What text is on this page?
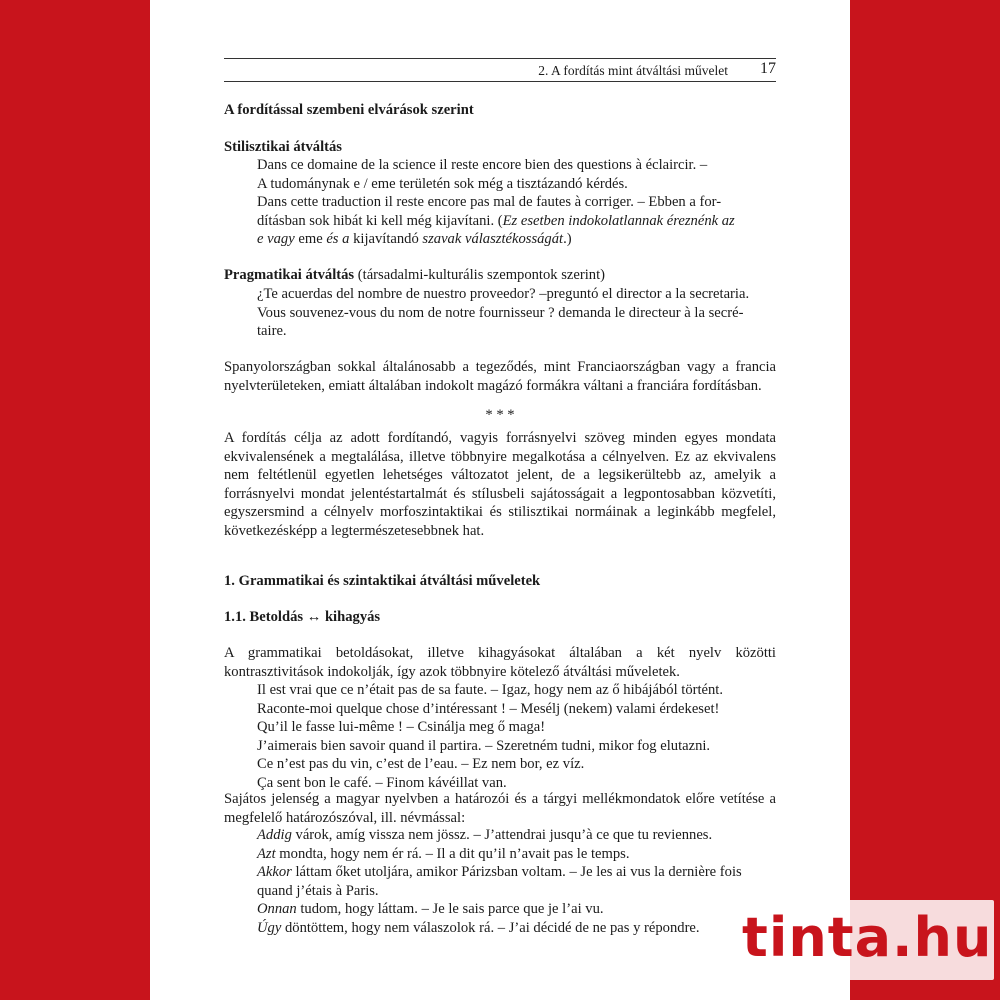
2. A fordítás mint átváltási művelet 17

A fordítással szembeni elvárások szerint

Stilisztikai átváltás

Dans ce domaine de la science il reste encore bien des questions à éclaircir. –

A tudománynak e / eme területén sok még a tisztázandó kérdés.

Dans cette traduction il reste encore pas mal de fautes à corriger. – Ebben a for-

dításban sok hibát ki kell még kijavítani. (Ez esetben indokolatlannak éreznénk az

e vagy eme és a kijavítandó szavak választékosságát.)

Pragmatikai átváltás (társadalmi-kulturális szempontok szerint)

¿Te acuerdas del nombre de nuestro proveedor? –preguntó el director a la secretaria.

Vous souvenez-vous du nom de notre fournisseur ? demanda le directeur à la secré-

taire.

Spanyolországban sokkal általánosabb a tegeződés, mint Franciaországban vagy a francia nyelvterületeken, emiatt általában indokolt magázó formákra váltani a franciára fordításban.

* * *

A fordítás célja az adott fordítandó, vagyis forrásnyelvi szöveg minden egyes mondata ekvivalensének a megtalálása, illetve többnyire megalkotása a célnyelven. Ez az ekvivalens nem feltétlenül egyetlen lehetséges változatot jelent, de a legsikerültebb az, amelyik a forrásnyelvi mondat jelentéstartalmát és stílusbeli sajátosságait a legpontosabban közvetíti, egyszersmind a célnyelv morfoszintaktikai és stilisztikai normáinak a leginkább megfelel, következésképp a legtermészetesebbnek hat.

1. Grammatikai és szintaktikai átváltási műveletek

1.1. Betoldás ↔ kihagyás

A grammatikai betoldásokat, illetve kihagyásokat általában a két nyelv közötti kontrasztivitások indokolják, így azok többnyire kötelező átváltási műveletek.

Il est vrai que ce n’était pas de sa faute. – Igaz, hogy nem az ő hibájából történt.

Raconte-moi quelque chose d’intéressant ! – Mesélj (nekem) valami érdekeset!

Qu’il le fasse lui-même ! – Csinálja meg ő maga!

J’aimerais bien savoir quand il partira. – Szeretném tudni, mikor fog elutazni.

Ce n’est pas du vin, c’est de l’eau. – Ez nem bor, ez víz.

Ça sent bon le café. – Finom kávéillat van.

Sajátos jelenség a magyar nyelvben a határozói és a tárgyi mellékmondatok előre vetítése a megfelelő határozószóval, ill. névmással:

Addig várok, amíg vissza nem jössz. – J’attendrai jusqu’à ce que tu reviennes.

Azt mondta, hogy nem ér rá. – Il a dit qu’il n’avait pas le temps.

Akkor láttam őket utoljára, amikor Párizsban voltam. – Je les ai vus la dernière fois quand j’étais à Paris.

Onnan tudom, hogy láttam. – Je le sais parce que je l’ai vu.

Úgy döntöttem, hogy nem válaszolok rá. – J’ai décidé de ne pas y répondre. tinta.hu
